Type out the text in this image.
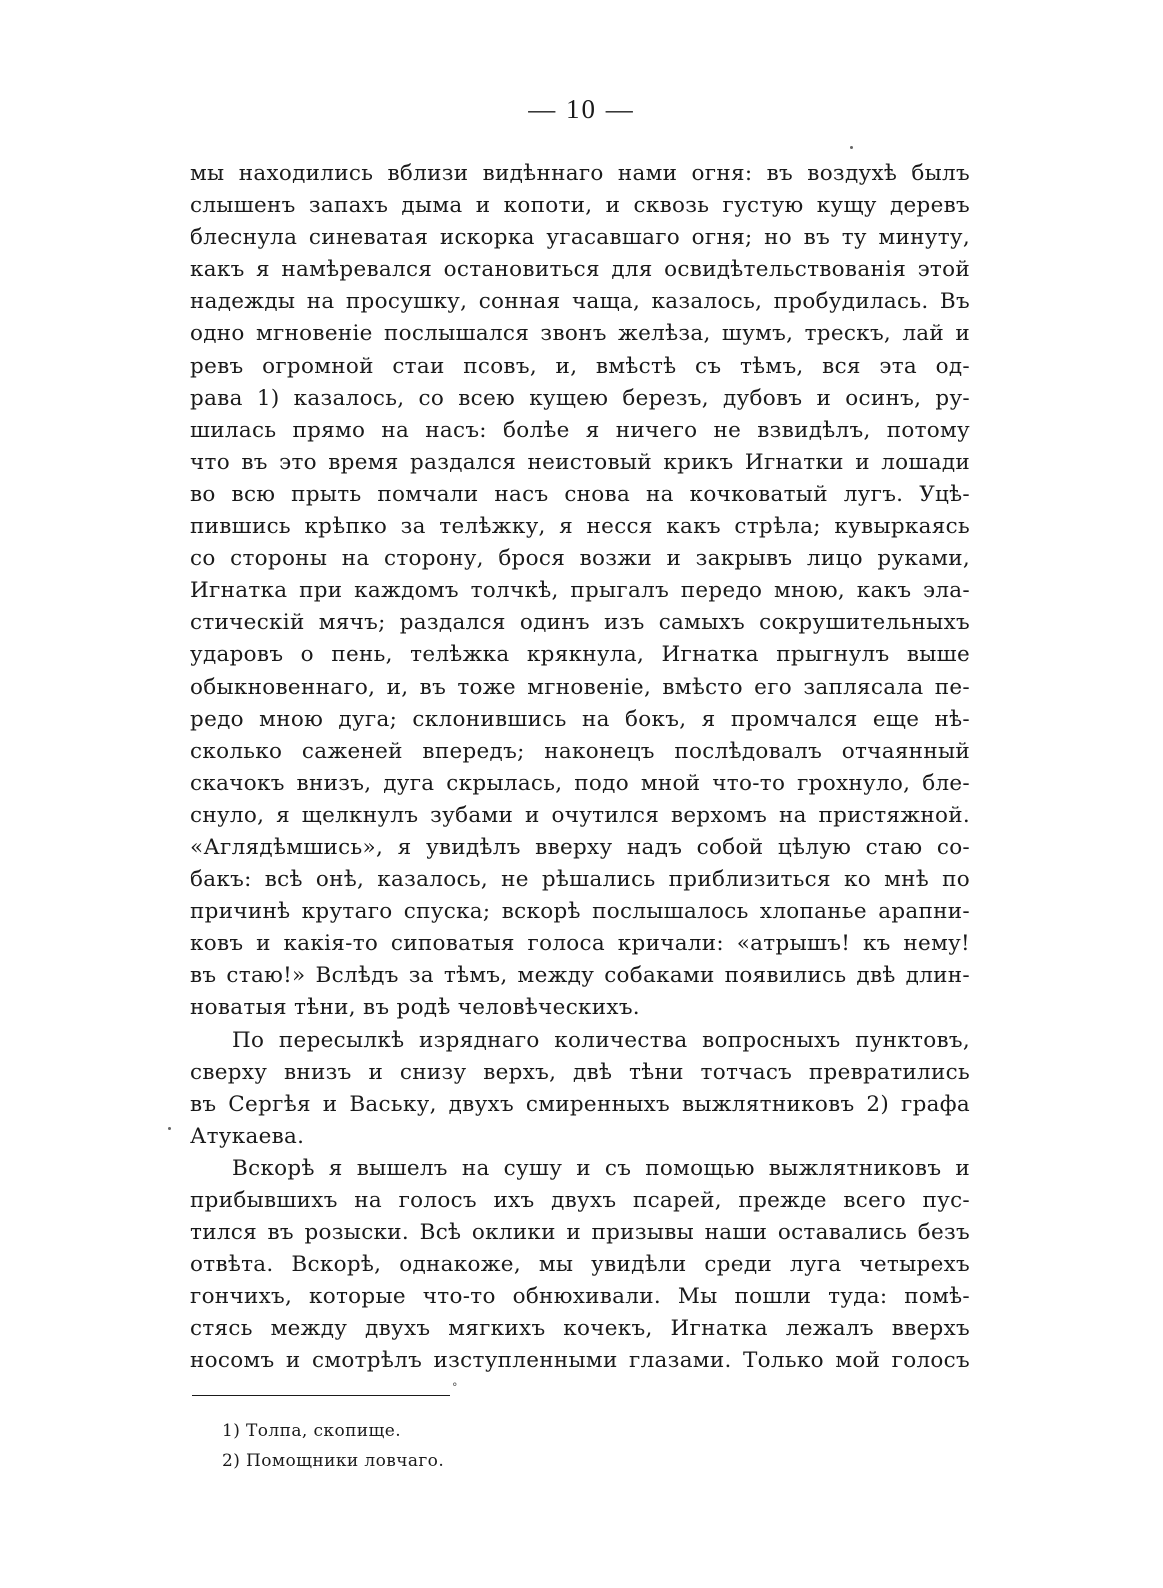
— 10 —
мы находились вблизи видѣннаго нами огня: въ воздухѣ былъ
слышенъ запахъ дыма и копоти, и сквозь густую кущу деревъ
блеснула синеватая искорка угасавшаго огня; но въ ту минуту,
какъ я намѣревался остановиться для освидѣтельствованія этой
надежды на просушку, сонная чаща, казалось, пробудилась. Въ
одно мгновеніе послышался звонъ желѣза, шумъ, трескъ, лай и
ревъ огромной стаи псовъ, и, вмѣстѣ съ тѣмъ, вся эта од-
рава 1) казалось, со всею кущею березъ, дубовъ и осинъ, ру-
шилась прямо на насъ: болѣе я ничего не взвидѣлъ, потому
что въ это время раздался неистовый крикъ Игнатки и лошади
во всю прыть помчали насъ снова на кочковатый лугъ. Уцѣ-
пившись крѣпко за телѣжку, я несся какъ стрѣла; кувыркаясь
со стороны на сторону, брося возжи и закрывъ лицо руками,
Игнатка при каждомъ толчкѣ, прыгалъ передо мною, какъ эла-
стическій мячъ; раздался одинъ изъ самыхъ сокрушительныхъ
ударовъ о пень, телѣжка крякнула, Игнатка прыгнулъ выше
обыкновеннаго, и, въ тоже мгновеніе, вмѣсто его заплясала пе-
редо мною дуга; склонившись на бокъ, я промчался еще нѣ-
сколько саженей впередъ; наконецъ послѣдовалъ отчаянный
скачокъ внизъ, дуга скрылась, подо мной что-то грохнуло, бле-
снуло, я щелкнулъ зубами и очутился верхомъ на пристяжной.
«Аглядѣмшись», я увидѣлъ вверху надъ собой цѣлую стаю со-
бакъ: всѣ онѣ, казалось, не рѣшались приблизиться ко мнѣ по
причинѣ крутаго спуска; вскорѣ послышалось хлопанье арапни-
ковъ и какія-то сиповатыя голоса кричали: «атрышъ! къ нему!
въ стаю!» Вслѣдъ за тѣмъ, между собаками появились двѣ длин-
новатыя тѣни, въ родѣ человѣческихъ.
По пересылкѣ изряднаго количества вопросныхъ пунктовъ,
сверху внизъ и снизу верхъ, двѣ тѣни тотчасъ превратились
въ Сергѣя и Ваську, двухъ смиренныхъ выжлятниковъ 2) графа
Атукаева.
Вскорѣ я вышелъ на сушу и съ помощью выжлятниковъ и
прибывшихъ на голосъ ихъ двухъ псарей, прежде всего пус-
тился въ розыски. Всѣ оклики и призывы наши оставались безъ
отвѣта. Вскорѣ, однакоже, мы увидѣли среди луга четырехъ
гончихъ, которые что-то обнюхивали. Мы пошли туда: помѣ-
стясь между двухъ мягкихъ кочекъ, Игнатка лежалъ вверхъ
носомъ и смотрѣлъ изступленными глазами. Только мой голосъ
°
1) Толпа, скопище.
2) Помощники ловчаго.
